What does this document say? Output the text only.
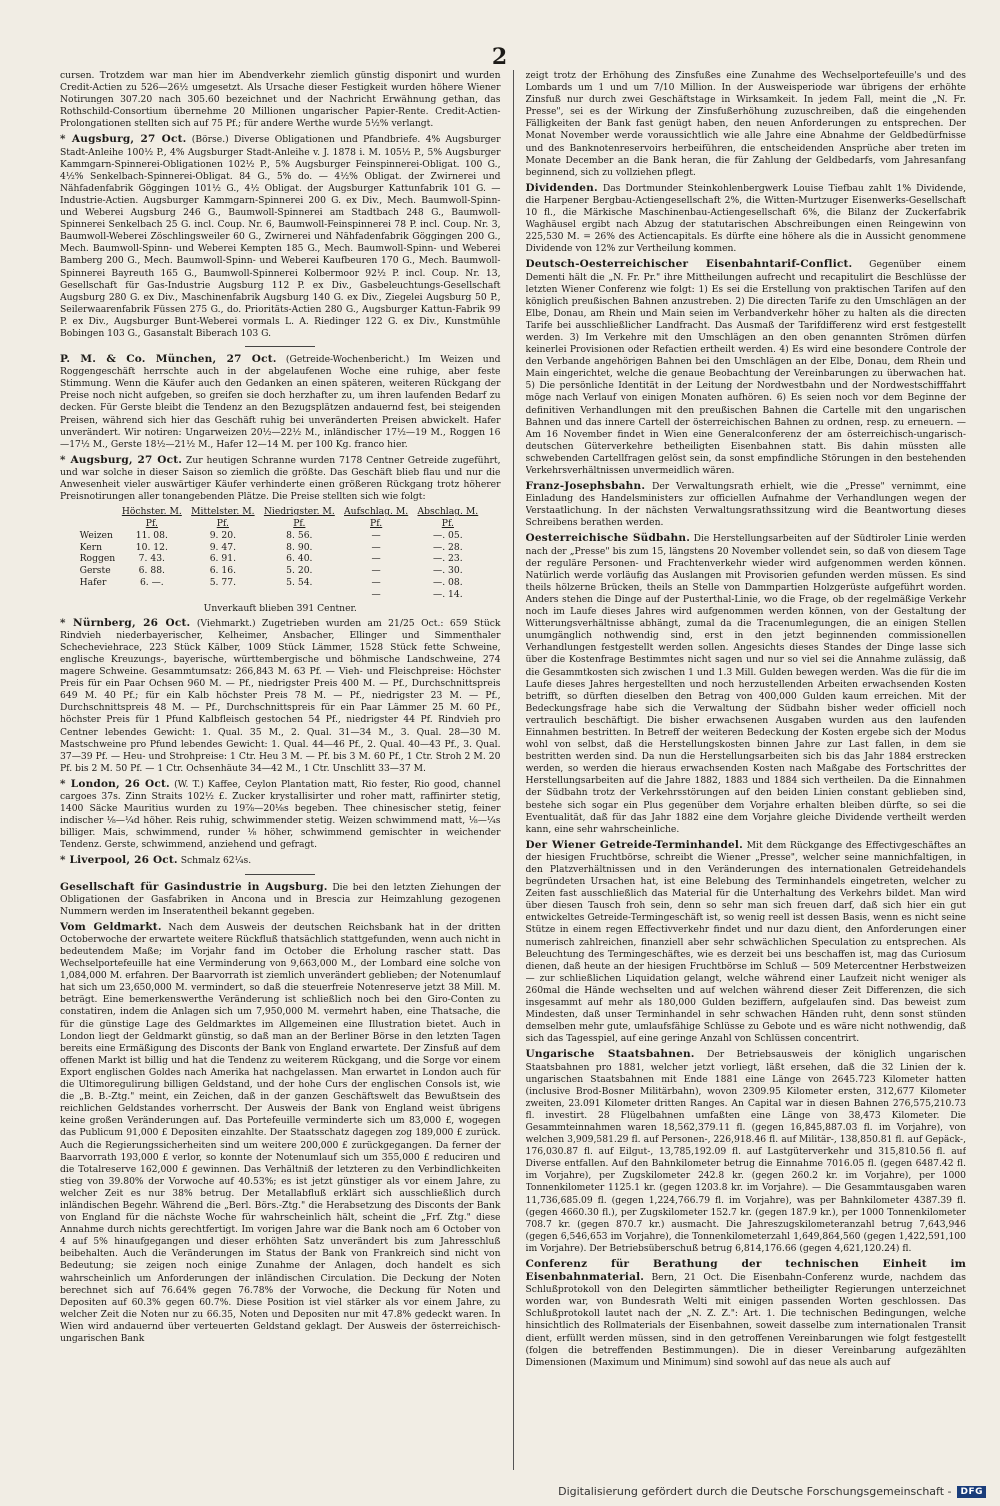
2

cursen. Trotzdem war man hier im Abendverkehr ziemlich günstig disponirt und wurden Credit-Actien zu 526—26½ umgesetzt. Als Ursache dieser Festigkeit wurden höhere Wiener Notirungen 307.20 nach 305.60 bezeichnet und der Nachricht Erwähnung gethan, das Rothschild-Consortium übernehme 20 Millionen ungarischer Papier-Rente. Credit-Actien-Prolongationen stellten sich auf 75 Pf.; für andere Werthe wurde 5½% verlangt.

* Augsburg, 27 Oct. (Börse.) Diverse Obligationen und Pfandbriefe. 4% Augsburger Stadt-Anleihe 100½ P., 4% Augsburger Stadt-Anleihe v. J. 1878 i. M. 105½ P., 5% Augsburger Kammgarn-Spinnerei-Obligationen 102½ P., 5% Augsburger Feinspinnerei-Obligat. 100 G., 4½% Senkelbach-Spinnerei-Obligat. 84 G., 5% do. — 4½% Obligat. der Zwirnerei und Nähfadenfabrik Göggingen 101½ G., 4½ Obligat. der Augsburger Kattunfabrik 101 G. — Industrie-Actien. Augsburger Kammgarn-Spinnerei 200 G. ex Div., Mech. Baumwoll-Spinn- und Weberei Augsburg 246 G., Baumwoll-Spinnerei am Stadtbach 248 G., Baumwoll-Spinnerei Senkelbach 25 G. incl. Coup. Nr. 6, Baumwoll-Feinspinnerei 78 P. incl. Coup. Nr. 3, Baumwoll-Weberei Zöschlingsweiler 60 G., Zwirnerei und Nähfadenfabrik Göggingen 200 G., Mech. Baumwoll-Spinn- und Weberei Kempten 185 G., Mech. Baumwoll-Spinn- und Weberei Bamberg 200 G., Mech. Baumwoll-Spinn- und Weberei Kaufbeuren 170 G., Mech. Baumwoll-Spinnerei Bayreuth 165 G., Baumwoll-Spinnerei Kolbermoor 92½ P. incl. Coup. Nr. 13, Gesellschaft für Gas-Industrie Augsburg 112 P. ex Div., Gasbeleuchtungs-Gesellschaft Augsburg 280 G. ex Div., Maschinenfabrik Augsburg 140 G. ex Div., Ziegelei Augsburg 50 P., Seilerwaarenfabrik Füssen 275 G., do. Prioritäts-Actien 280 G., Augsburger Kattun-Fabrik 99 P. ex Div., Augsburger Bunt-Weberei vormals L. A. Riedinger 122 G. ex Div., Kunstmühle Bobingen 103 G., Gasanstalt Biberach 103 G.

P. M. & Co. München, 27 Oct. (Getreide-Wochenbericht.) Im Weizen und Roggengeschäft herrschte auch in der abgelaufenen Woche eine ruhige, aber feste Stimmung. Wenn die Käufer auch den Gedanken an einen späteren, weiteren Rückgang der Preise noch nicht aufgeben, so greifen sie doch herzhafter zu, um ihren laufenden Bedarf zu decken. Für Gerste bleibt die Tendenz an den Bezugsplätzen andauernd fest, bei steigenden Preisen, während sich hier das Geschäft ruhig bei unveränderten Preisen abwickelt. Hafer unverändert. Wir notiren: Ungarweizen 20½—22½ M., inländischer 17½—19 M., Roggen 16—17½ M., Gerste 18½—21½ M., Hafer 12—14 M. per 100 Kg. franco hier.

* Augsburg, 27 Oct. Zur heutigen Schranne wurden 7178 Centner Getreide zugeführt, und war solche in dieser Saison so ziemlich die größte. Das Geschäft blieb flau und nur die Anwesenheit vieler auswärtiger Käufer verhinderte einen größeren Rückgang trotz höherer Preisnotirungen aller tonangebenden Plätze. Die Preise stellten sich wie folgt:

	Höchster. M. Pf.	Mittelster. M. Pf.	Niedrigster. M. Pf.	Aufschlag. M. Pf.	Abschlag. M. Pf.
Weizen	11. 08.	9. 20.	8. 56.	—	—. 05.
Kern	10. 12.	9. 47.	8. 90.	—	—. 28.
Roggen	7. 43.	6. 91.	6. 40.	—	—. 23.
Gerste	6. 88.	6. 16.	5. 20.	—	—. 30.
Hafer	6. —.	5. 77.	5. 54.	—	—. 08.
				—	—. 14.
Unverkauft blieben 391 Centner.

* Nürnberg, 26 Oct. (Viehmarkt.) Zugetrieben wurden am 21/25 Oct.: 659 Stück Rindvieh niederbayerischer, Kelheimer, Ansbacher, Ellinger und Simmenthaler Schecheviehrace, 223 Stück Kälber, 1009 Stück Lämmer, 1528 Stück fette Schweine, englische Kreuzungs-, bayerische, württembergische und böhmische Landschweine, 274 magere Schweine. Gesammtumsatz: 266,843 M. 63 Pf. — Vieh- und Fleischpreise: Höchster Preis für ein Paar Ochsen 960 M. — Pf., niedrigster Preis 400 M. — Pf., Durchschnittspreis 649 M. 40 Pf.; für ein Kalb höchster Preis 78 M. — Pf., niedrigster 23 M. — Pf., Durchschnittspreis 48 M. — Pf., Durchschnittspreis für ein Paar Lämmer 25 M. 60 Pf., höchster Preis für 1 Pfund Kalbfleisch gestochen 54 Pf., niedrigster 44 Pf. Rindvieh pro Centner lebendes Gewicht: 1. Qual. 35 M., 2. Qual. 31—34 M., 3. Qual. 28—30 M. Mastschweine pro Pfund lebendes Gewicht: 1. Qual. 44—46 Pf., 2. Qual. 40—43 Pf., 3. Qual. 37—39 Pf. — Heu- und Strohpreise: 1 Ctr. Heu 3 M. — Pf. bis 3 M. 60 Pf., 1 Ctr. Stroh 2 M. 20 Pf. bis 2 M. 50 Pf. — 1 Ctr. Ochsenhäute 34—42 M., 1 Ctr. Unschlitt 33—37 M.

* London, 26 Oct. (W. T.) Kaffee, Ceylon Plantation matt, Rio fester, Rio good, channel cargoes 37s. Zinn Straits 102½ £. Zucker krystallisirter und roher matt, raffinirter stetig, 1400 Säcke Mauritius wurden zu 19⅞—20⅛s begeben. Thee chinesischer stetig, feiner indischer ⅛—¼d höher. Reis ruhig, schwimmender stetig. Weizen schwimmend matt, ⅛—¼s billiger. Mais, schwimmend, runder ⅛ höher, schwimmend gemischter in weichender Tendenz. Gerste, schwimmend, anziehend und gefragt.

* Liverpool, 26 Oct. Schmalz 62¼s.

Gesellschaft für Gasindustrie in Augsburg. Die bei den letzten Ziehungen der Obligationen der Gasfabriken in Ancona und in Brescia zur Heimzahlung gezogenen Nummern werden im Inseratentheil bekannt gegeben.

Vom Geldmarkt. Nach dem Ausweis der deutschen Reichsbank hat in der dritten Octoberwoche der erwartete weitere Rückfluß thatsächlich stattgefunden, wenn auch nicht in bedeutendem Maße; im Vorjahr fand im October die Erholung rascher statt. Das Wechselportefeuille hat eine Verminderung von 9,663,000 M., der Lombard eine solche von 1,084,000 M. erfahren. Der Baarvorrath ist ziemlich unverändert geblieben; der Notenumlauf hat sich um 23,650,000 M. vermindert, so daß die steuerfreie Notenreserve jetzt 38 Mill. M. beträgt. Eine bemerkenswerthe Veränderung ist schließlich noch bei den Giro-Conten zu constatiren, indem die Anlagen sich um 7,950,000 M. vermehrt haben, eine Thatsache, die für die günstige Lage des Geldmarktes im Allgemeinen eine Illustration bietet. Auch in London liegt der Geldmarkt günstig, so daß man an der Berliner Börse in den letzten Tagen bereits eine Ermäßigung des Disconts der Bank von England erwartete. Der Zinsfuß auf dem offenen Markt ist billig und hat die Tendenz zu weiterem Rückgang, und die Sorge vor einem Export englischen Goldes nach Amerika hat nachgelassen. Man erwartet in London auch für die Ultimoregulirung billigen Geldstand, und der hohe Curs der englischen Consols ist, wie die „B. B.-Ztg." meint, ein Zeichen, daß in der ganzen Geschäftswelt das Bewußtsein des reichlichen Geldstandes vorherrscht. Der Ausweis der Bank von England weist übrigens keine großen Veränderungen auf. Das Portefeuille verminderte sich um 83,000 £, wogegen das Publicum 91,000 £ Depositen einzahlte. Der Staatsschatz dagegen zog 189,000 £ zurück. Auch die Regierungssicherheiten sind um weitere 200,000 £ zurückgegangen. Da ferner der Baarvorrath 193,000 £ verlor, so konnte der Notenumlauf sich um 355,000 £ reduciren und die Totalreserve 162,000 £ gewinnen. Das Verhältniß der letzteren zu den Verbindlichkeiten stieg von 39.80% der Vorwoche auf 40.53%; es ist jetzt günstiger als vor einem Jahre, zu welcher Zeit es nur 38% betrug. Der Metallabfluß erklärt sich ausschließlich durch inländischen Begehr. Während die „Berl. Börs.-Ztg." die Herabsetzung des Disconts der Bank von England für die nächste Woche für wahrscheinlich hält, scheint die „Frf. Ztg." diese Annahme durch nichts gerechtfertigt. Im vorigen Jahre war die Bank noch am 6 October von 4 auf 5% hinaufgegangen und dieser erhöhten Satz unverändert bis zum Jahresschluß beibehalten. Auch die Veränderungen im Status der Bank von Frankreich sind nicht von Bedeutung; sie zeigen noch einige Zunahme der Anlagen, doch handelt es sich wahrscheinlich um Anforderungen der inländischen Circulation. Die Deckung der Noten berechnet sich auf 76.64% gegen 76.78% der Vorwoche, die Deckung für Noten und Depositen auf 60.3% gegen 60.7%. Diese Position ist viel stärker als vor einem Jahre, zu welcher Zeit die Noten nur zu 66.35, Noten und Depositen nur mit 47.8% gedeckt waren. In Wien wird andauernd über verteuerten Geldstand geklagt. Der Ausweis der österreichisch-ungarischen Bank

zeigt trotz der Erhöhung des Zinsfußes eine Zunahme des Wechselportefeuille's und des Lombards um 1 und um 7/10 Million. In der Ausweisperiode war übrigens der erhöhte Zinsfuß nur durch zwei Geschäftstage in Wirksamkeit. In jedem Fall, meint die „N. Fr. Presse", sei es der Wirkung der Zinsfußerhöhung zuzuschreiben, daß die eingehenden Fälligkeiten der Bank fast genügt haben, den neuen Anforderungen zu entsprechen. Der Monat November werde voraussichtlich wie alle Jahre eine Abnahme der Geldbedürfnisse und des Banknotenreservoirs herbeiführen, die entscheidenden Ansprüche aber treten im Monate December an die Bank heran, die für Zahlung der Geldbedarfs, vom Jahresanfang beginnend, sich zu vollziehen pflegt.

Dividenden. Das Dortmunder Steinkohlenbergwerk Louise Tiefbau zahlt 1% Dividende, die Harpener Bergbau-Actiengesellschaft 2%, die Witten-Murtzuger Eisenwerks-Gesellschaft 10 fl., die Märkische Maschinenbau-Actiengesellschaft 6%, die Bilanz der Zuckerfabrik Waghäusel ergibt nach Abzug der statutarischen Abschreibungen einen Reingewinn von 225,530 M. = 26% des Actiencapitals. Es dürfte eine höhere als die in Aussicht genommene Dividende von 12% zur Vertheilung kommen.

Deutsch-Oesterreichischer Eisenbahntarif-Conflict. Gegenüber einem Dementi hält die „N. Fr. Pr." ihre Mittheilungen aufrecht und recapitulirt die Beschlüsse der letzten Wiener Conferenz wie folgt: 1) Es sei die Erstellung von praktischen Tarifen auf den königlich preußischen Bahnen anzustreben. 2) Die directen Tarife zu den Umschlägen an der Elbe, Donau, am Rhein und Main seien im Verbandverkehr höher zu halten als die directen Tarife bei ausschließlicher Landfracht. Das Ausmaß der Tarifdifferenz wird erst festgestellt werden. 3) Im Verkehre mit den Umschlägen an den oben genannten Strömen dürfen keinerlei Provisionen oder Refactien ertheilt werden. 4) Es wird eine besondere Controle der den Verbande angehörigen Bahnen bei den Umschlägen an der Elbe, Donau, dem Rhein und Main eingerichtet, welche die genaue Beobachtung der Vereinbarungen zu überwachen hat. 5) Die persönliche Identität in der Leitung der Nordwestbahn und der Nordwestschifffahrt möge nach Verlauf von einigen Monaten aufhören. 6) Es seien noch vor dem Beginne der definitiven Verhandlungen mit den preußischen Bahnen die Cartelle mit den ungarischen Bahnen und das innere Cartell der österreichischen Bahnen zu ordnen, resp. zu erneuern. — Am 16 November findet in Wien eine Generalconferenz der am österreichisch-ungarisch-deutschen Güterverkehre betheiligten Eisenbahnen statt. Bis dahin müssten alle schwebenden Cartellfragen gelöst sein, da sonst empfindliche Störungen in den bestehenden Verkehrsverhältnissen unvermeidlich wären.

Franz-Josephsbahn. Der Verwaltungsrath erhielt, wie die „Presse" vernimmt, eine Einladung des Handelsministers zur officiellen Aufnahme der Verhandlungen wegen der Verstaatlichung. In der nächsten Verwaltungsrathssitzung wird die Beantwortung dieses Schreibens berathen werden.

Oesterreichische Südbahn. Die Herstellungsarbeiten auf der Südtiroler Linie werden nach der „Presse" bis zum 15, längstens 20 November vollendet sein, so daß von diesem Tage der reguläre Personen- und Frachtenverkehr wieder wird aufgenommen werden können. Natürlich werde vorläufig das Auslangen mit Provisorien gefunden werden müssen. Es sind theils hölzerne Brücken, theils an Stelle von Dammpartien Holzgerüste aufgeführt worden. Anders stehen die Dinge auf der Pusterthal-Linie, wo die Frage, ob der regelmäßige Verkehr noch im Laufe dieses Jahres wird aufgenommen werden können, von der Gestaltung der Witterungsverhältnisse abhängt, zumal da die Tracenumlegungen, die an einigen Stellen unumgänglich nothwendig sind, erst in den jetzt beginnenden commissionellen Verhandlungen festgestellt werden sollen. Angesichts dieses Standes der Dinge lasse sich über die Kostenfrage Bestimmtes nicht sagen und nur so viel sei die Annahme zulässig, daß die Gesammtkosten sich zwischen 1 und 1.3 Mill. Gulden bewegen werden. Was die für die im Laufe dieses Jahres hergestellten und noch herzustellenden Arbeiten erwachsenden Kosten betrifft, so dürften dieselben den Betrag von 400,000 Gulden kaum erreichen. Mit der Bedeckungsfrage habe sich die Verwaltung der Südbahn bisher weder officiell noch vertraulich beschäftigt. Die bisher erwachsenen Ausgaben wurden aus den laufenden Einnahmen bestritten. In Betreff der weiteren Bedeckung der Kosten ergebe sich der Modus wohl von selbst, daß die Herstellungskosten binnen Jahre zur Last fallen, in dem sie bestritten werden sind. Da nun die Herstellungsarbeiten sich bis das Jahr 1884 erstrecken werden, so werden die hieraus erwachsenden Kosten nach Maßgabe des Fortschrittes der Herstellungsarbeiten auf die Jahre 1882, 1883 und 1884 sich vertheilen. Da die Einnahmen der Südbahn trotz der Verkehrsstörungen auf den beiden Linien constant geblieben sind, bestehe sich sogar ein Plus gegenüber dem Vorjahre erhalten bleiben dürfte, so sei die Eventualität, daß für das Jahr 1882 eine dem Vorjahre gleiche Dividende vertheilt werden kann, eine sehr wahrscheinliche.

Der Wiener Getreide-Terminhandel. Mit dem Rückgange des Effectivgeschäftes an der hiesigen Fruchtbörse, schreibt die Wiener „Presse", welcher seine mannichfaltigen, in den Platzverhältnissen und in den Veränderungen des internationalen Getreidehandels begründeten Ursachen hat, ist eine Belebung des Terminhandels eingetreten, welcher zu Zeiten fast ausschließlich das Material für die Unterhaltung des Verkehrs bildet. Man wird über diesen Tausch froh sein, denn so sehr man sich freuen darf, daß sich hier ein gut entwickeltes Getreide-Termingeschäft ist, so wenig reell ist dessen Basis, wenn es nicht seine Stütze in einem regen Effectivverkehr findet und nur dazu dient, den Anforderungen einer numerisch zahlreichen, finanziell aber sehr schwächlichen Speculation zu entsprechen. Als Beleuchtung des Termingeschäftes, wie es derzeit bei uns beschaffen ist, mag das Curiosum dienen, daß heute an der hiesigen Fruchtbörse im Schluß — 509 Metercentner Herbstweizen — zur schließlichen Liquidation gelangt, welche während einer Laufzeit nicht weniger als 260mal die Hände wechselten und auf welchen während dieser Zeit Differenzen, die sich insgesammt auf mehr als 180,000 Gulden beziffern, aufgelaufen sind. Das beweist zum Mindesten, daß unser Terminhandel in sehr schwachen Händen ruht, denn sonst stünden demselben mehr gute, umlaufsfähige Schlüsse zu Gebote und es wäre nicht nothwendig, daß sich das Tagesspiel, auf eine geringe Anzahl von Schlüssen concentrirt.

Ungarische Staatsbahnen. Der Betriebsausweis der königlich ungarischen Staatsbahnen pro 1881, welcher jetzt vorliegt, läßt ersehen, daß die 32 Linien der k. ungarischen Staatsbahnen mit Ende 1881 eine Länge von 2645.723 Kilometer hatten (inclusive Brod-Bosner Militärbahn), wovon 2309.95 Kilometer ersten, 312,677 Kilometer zweiten, 23.091 Kilometer dritten Ranges. An Capital war in diesen Bahnen 276,575,210.73 fl. investirt. 28 Flügelbahnen umfaßten eine Länge von 38,473 Kilometer. Die Gesammteinnahmen waren 18,562,379.11 fl. (gegen 16,845,887.03 fl. im Vorjahre), von welchen 3,909,581.29 fl. auf Personen-, 226,918.46 fl. auf Militär-, 138,850.81 fl. auf Gepäck-, 176,030.87 fl. auf Eilgut-, 13,785,192.09 fl. auf Lastgüterverkehr und 315,810.56 fl. auf Diverse entfallen. Auf den Bahnkilometer betrug die Einnahme 7016.05 fl. (gegen 6487.42 fl. im Vorjahre), per Zugskilometer 242.8 kr. (gegen 260.2 kr. im Vorjahre), per 1000 Tonnenkilometer 1125.1 kr. (gegen 1203.8 kr. im Vorjahre). — Die Gesammtausgaben waren 11,736,685.09 fl. (gegen 1,224,766.79 fl. im Vorjahre), was per Bahnkilometer 4387.39 fl. (gegen 4660.30 fl.), per Zugskilometer 152.7 kr. (gegen 187.9 kr.), per 1000 Tonnenkilometer 708.7 kr. (gegen 870.7 kr.) ausmacht. Die Jahreszugskilometeranzahl betrug 7,643,946 (gegen 6,546,653 im Vorjahre), die Tonnenkilometerzahl 1,649,864,560 (gegen 1,422,591,100 im Vorjahre). Der Betriebsüberschuß betrug 6,814,176.66 (gegen 4,621,120.24) fl.

Conferenz für Berathung der technischen Einheit im Eisenbahnmaterial. Bern, 21 Oct. Die Eisenbahn-Conferenz wurde, nachdem das Schlußprotokoll von den Delegirten sämmtlicher betheiligter Regierungen unterzeichnet worden war, von Bundesrath Welti mit einigen passenden Worten geschlossen. Das Schlußprotokoll lautet nach der „N. Z. Z.": Art. 1. Die technischen Bedingungen, welche hinsichtlich des Rollmaterials der Eisenbahnen, soweit dasselbe zum internationalen Transit dient, erfüllt werden müssen, sind in den getroffenen Vereinbarungen wie folgt festgestellt (folgen die betreffenden Bestimmungen). Die in dieser Vereinbarung aufgezählten Dimensionen (Maximum und Minimum) sind sowohl auf das neue als auch auf

Digitalisierung gefördert durch die Deutsche Forschungsgemeinschaft -	DFG
